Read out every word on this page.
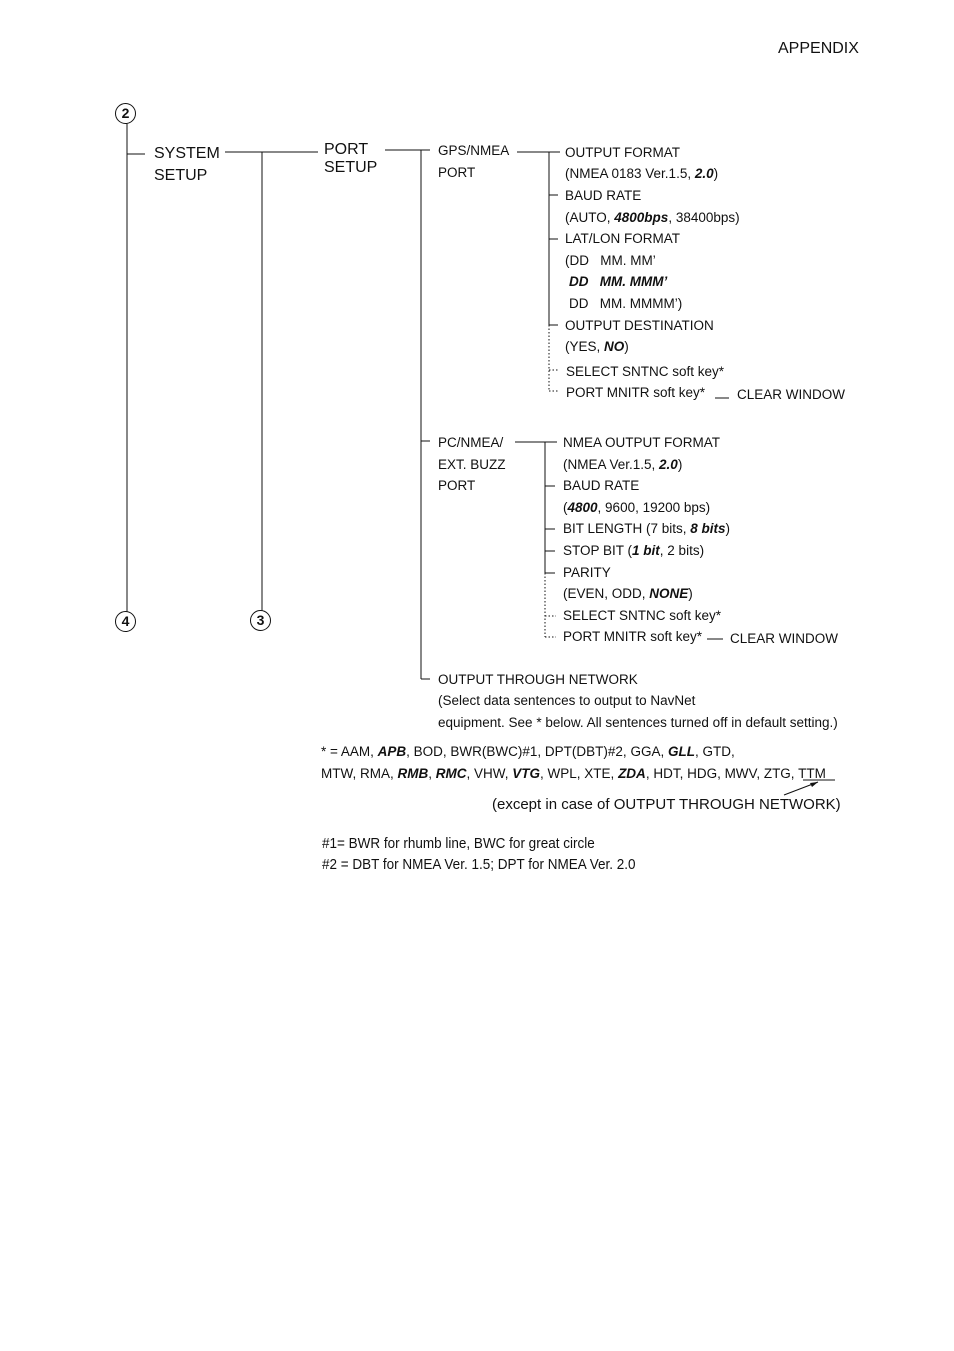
APPENDIX
2
4	3
SYSTEM
SETUP
PORT
SETUP
GPS/NMEA
PORT
OUTPUT FORMAT
(NMEA 0183 Ver.1.5, 2.0)
BAUD RATE
(AUTO, 4800bps, 38400bps)
LAT/LON FORMAT
(DD   MM. MM’
DD   MM. MMM’
DD   MM. MMMM’)
OUTPUT DESTINATION
(YES, NO)
SELECT SNTNC soft key*
PORT MNITR soft key* CLEAR WINDOW
PC/NMEA/
EXT. BUZZ
PORT
NMEA OUTPUT FORMAT
(NMEA Ver.1.5, 2.0)
BAUD RATE
(4800, 9600, 19200 bps)
BIT LENGTH (7 bits, 8 bits)
STOP BIT (1 bit, 2 bits)
PARITY
(EVEN, ODD, NONE)
SELECT SNTNC soft key*
PORT MNITR soft key* CLEAR WINDOW
OUTPUT THROUGH NETWORK
(Select data sentences to output to NavNet
equipment. See * below. All sentences turned off in default setting.)
* = AAM, APB, BOD, BWR(BWC)#1, DPT(DBT)#2, GGA, GLL, GTD,
MTW, RMA, RMB, RMC, VHW, VTG, WPL, XTE, ZDA, HDT, HDG, MWV, ZTG, TTM
(except in case of OUTPUT THROUGH NETWORK)
#1= BWR for rhumb line, BWC for great circle
#2 = DBT for NMEA Ver. 1.5; DPT for NMEA Ver. 2.0
